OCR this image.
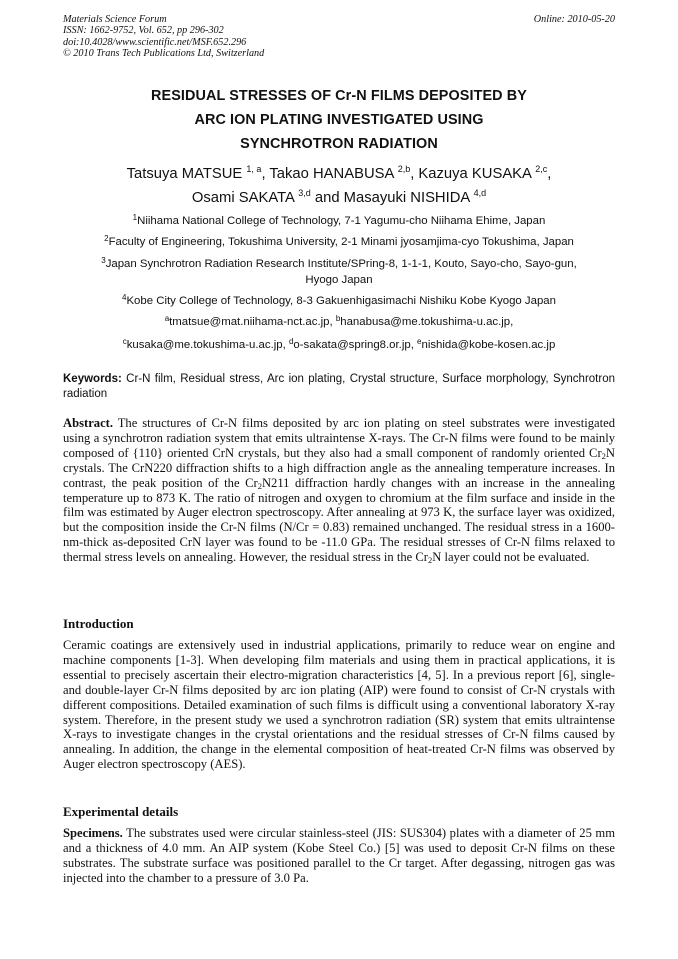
Materials Science Forum
ISSN: 1662-9752, Vol. 652, pp 296-302
doi:10.4028/www.scientific.net/MSF.652.296
© 2010 Trans Tech Publications Ltd, Switzerland
Online: 2010-05-20
RESIDUAL STRESSES OF Cr-N FILMS DEPOSITED BY
ARC ION PLATING INVESTIGATED USING
SYNCHROTRON RADIATION
Tatsuya MATSUE $^{1, a}$, Takao HANABUSA $^{2,b}$, Kazuya KUSAKA $^{2,c}$,
Osami SAKATA $^{3,d}$ and Masayuki NISHIDA $^{4,d}$
$^1$Niihama National College of Technology, 7-1 Yagumu-cho Niihama Ehime, Japan
$^2$Faculty of Engineering, Tokushima University, 2-1 Minami jyosamjima-cyo Tokushima, Japan
$^3$Japan Synchrotron Radiation Research Institute/SPring-8, 1-1-1, Kouto, Sayo-cho, Sayo-gun,
Hyogo Japan
$^4$Kobe City College of Technology, 8-3 Gakuenhigasimachi Nishiku Kobe Kyogo Japan
$^a$tmatsue@mat.niihama-nct.ac.jp, $^b$hanabusa@me.tokushima-u.ac.jp,
$^c$kusaka@me.tokushima-u.ac.jp, $^d$o-sakata@spring8.or.jp, $^e$nishida@kobe-kosen.ac.jp
Keywords: Cr-N film, Residual stress, Arc ion plating, Crystal structure, Surface morphology, Synchrotron radiation
Abstract. The structures of Cr-N films deposited by arc ion plating on steel substrates were investigated using a synchrotron radiation system that emits ultraintense X-rays. The Cr-N films were found to be mainly composed of {110} oriented CrN crystals, but they also had a small component of randomly oriented $Cr_2N$ crystals. The CrN220 diffraction shifts to a high diffraction angle as the annealing temperature increases. In contrast, the peak position of the $Cr_2N211$ diffraction hardly changes with an increase in the annealing temperature up to 873 K. The ratio of nitrogen and oxygen to chromium at the film surface and inside in the film was estimated by Auger electron spectroscopy. After annealing at 973 K, the surface layer was oxidized, but the composition inside the Cr-N films (N/Cr = 0.83) remained unchanged. The residual stress in a 1600-nm-thick as-deposited CrN layer was found to be -11.0 GPa. The residual stresses of Cr-N films relaxed to thermal stress levels on annealing. However, the residual stress in the $Cr_2N$ layer could not be evaluated.
Introduction
Ceramic coatings are extensively used in industrial applications, primarily to reduce wear on engine and machine components [1-3]. When developing film materials and using them in practical applications, it is essential to precisely ascertain their electro-migration characteristics [4, 5]. In a previous report [6], single- and double-layer Cr-N films deposited by arc ion plating (AIP) were found to consist of Cr-N crystals with different compositions. Detailed examination of such films is difficult using a conventional laboratory X-ray system. Therefore, in the present study we used a synchrotron radiation (SR) system that emits ultraintense X-rays to investigate changes in the crystal orientations and the residual stresses of Cr-N films caused by annealing. In addition, the change in the elemental composition of heat-treated Cr-N films was observed by Auger electron spectroscopy (AES).
Experimental details
Specimens. The substrates used were circular stainless-steel (JIS: SUS304) plates with a diameter of 25 mm and a thickness of 4.0 mm. An AIP system (Kobe Steel Co.) [5] was used to deposit Cr-N films on these substrates. The substrate surface was positioned parallel to the Cr target. After degassing, nitrogen gas was injected into the chamber to a pressure of 3.0 Pa.
